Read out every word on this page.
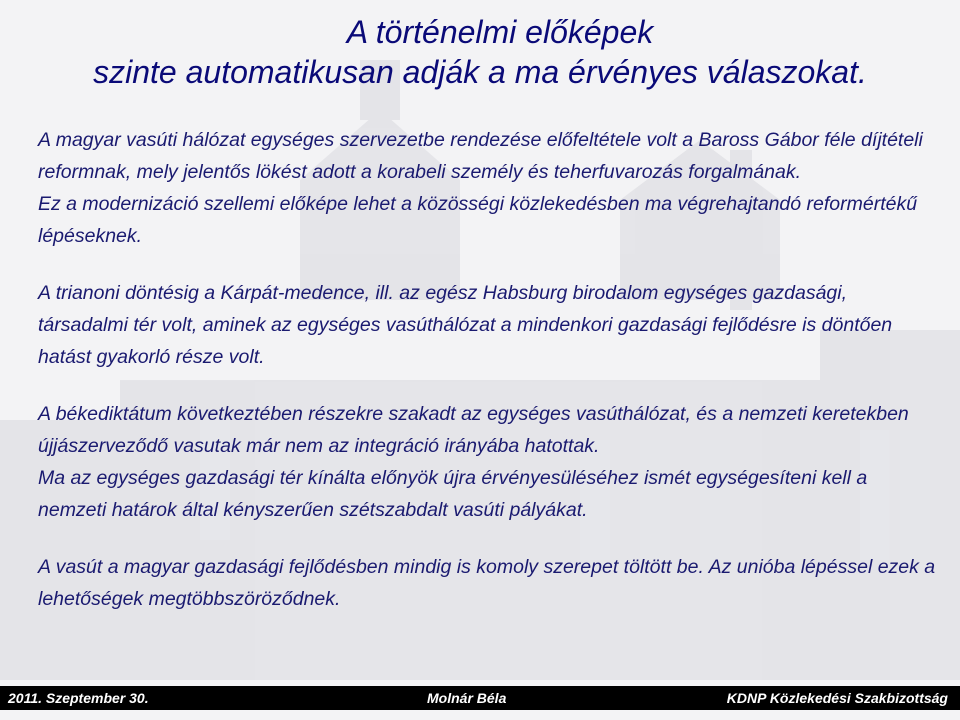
A történelmi előképek
szinte automatikusan adják a ma érvényes válaszokat.

A magyar vasúti hálózat egységes szervezetbe rendezése előfeltétele volt a Baross Gábor féle díjtételi reformnak, mely jelentős lökést adott a korabeli személy és teherfuvarozás forgalmának.

Ez a modernizáció szellemi előképe lehet a közösségi közlekedésben ma végrehajtandó reformértékű lépéseknek.

A trianoni döntésig a Kárpát-medence, ill. az egész Habsburg birodalom egységes gazdasági, társadalmi tér volt, aminek az egységes vasúthálózat a mindenkori gazdasági fejlődésre is döntően hatást gyakorló része volt.

A békediktátum következtében részekre szakadt az egységes vasúthálózat, és a nemzeti keretekben újjászerveződő vasutak már nem az integráció irányába hatottak.

Ma az egységes gazdasági tér kínálta előnyök újra érvényesüléséhez ismét egységesíteni kell a nemzeti határok által kényszerűen szétszabdalt vasúti pályákat.

A vasút a magyar gazdasági fejlődésben mindig is komoly szerepet töltött be. Az unióba lépéssel ezek a lehetőségek megtöbbszöröződnek.

2011. Szeptember 30.	Molnár Béla	KDNP Közlekedési Szakbizottság
